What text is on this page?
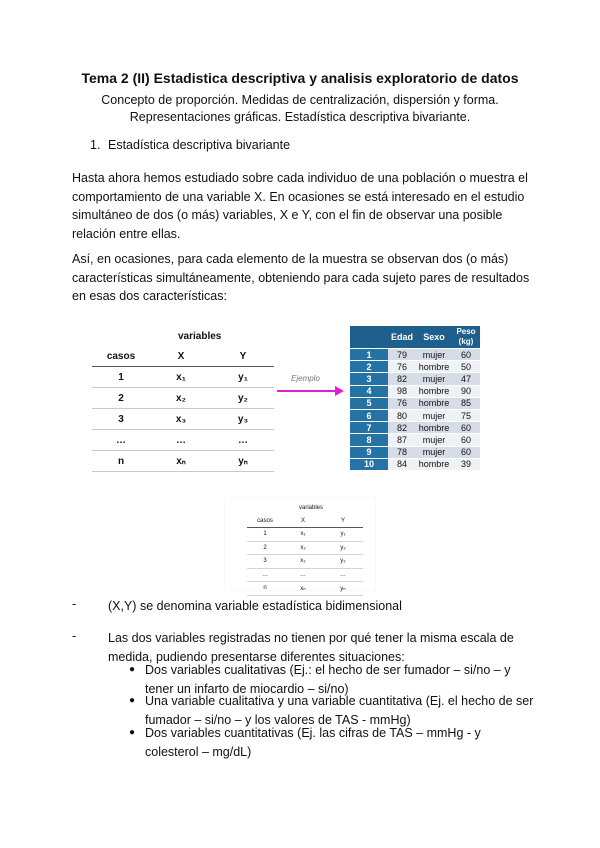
Tema 2 (II) Estadistica descriptiva y analisis exploratorio de datos
Concepto de proporción. Medidas de centralización, dispersión y forma.
Representaciones gráficas. Estadística descriptiva bivariante.
1. Estadística descriptiva bivariante
Hasta ahora hemos estudiado sobre cada individuo de una población o muestra el comportamiento de una variable X. En ocasiones se está interesado en el estudio simultáneo de dos (o más) variables, X e Y, con el fin de observar una posible relación entre ellas.
Así, en ocasiones, para cada elemento de la muestra se observan dos (o más) características simultáneamente, obteniendo para cada sujeto pares de resultados en esas dos características:
	variables	
casos	X	Y
1	x₁	y₁
2	x₂	y₂
3	x₃	y₃
…	…	…
n	xₙ	yₙ
Ejemplo
	Edad	Sexo	Peso (kg)
1	79	mujer	60
2	76	hombre	50
3	82	mujer	47
4	98	hombre	90
5	76	hombre	85
6	80	mujer	75
7	82	hombre	60
8	87	mujer	60
9	78	mujer	60
10	84	hombre	39
	variables	
casos	X	Y
1	x₁	y₁
2	x₂	y₂
3	x₃	y₃
…	…	…
n	xₙ	yₙ
-	(X,Y) se denomina variable estadística bidimensional
-	Las dos variables registradas no tienen por qué tener la misma escala de medida, pudiendo presentarse diferentes situaciones:
● Dos variables cualitativas (Ej.: el hecho de ser fumador – si/no – y tener un infarto de miocardio – si/no)
● Una variable cualitativa y una variable cuantitativa (Ej. el hecho de ser fumador – si/no – y los valores de TAS - mmHg)
● Dos variables cuantitativas (Ej. las cifras de TAS – mmHg - y colesterol – mg/dL)
